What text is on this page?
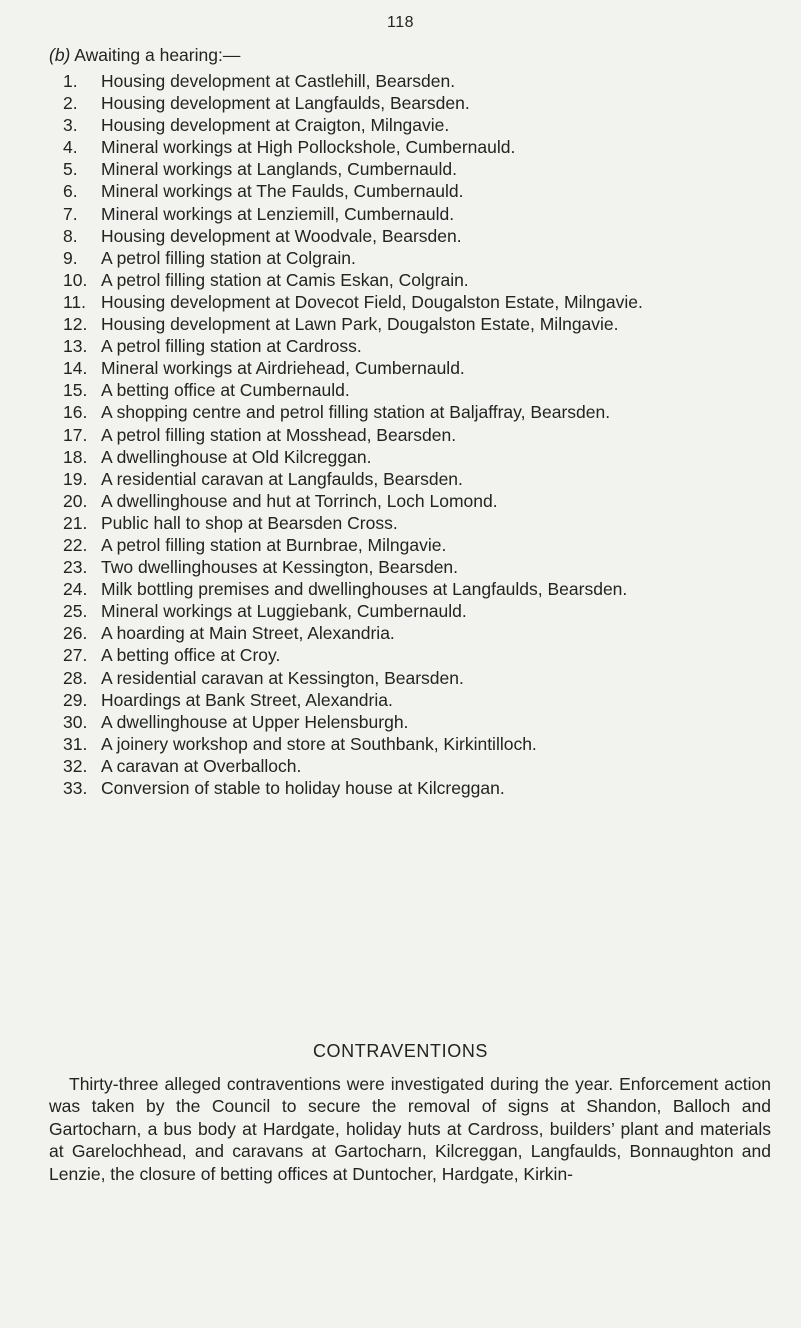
118
(b) Awaiting a hearing:—
1.	Housing development at Castlehill, Bearsden.
2.	Housing development at Langfaulds, Bearsden.
3.	Housing development at Craigton, Milngavie.
4.	Mineral workings at High Pollockshole, Cumbernauld.
5.	Mineral workings at Langlands, Cumbernauld.
6.	Mineral workings at The Faulds, Cumbernauld.
7.	Mineral workings at Lenziemill, Cumbernauld.
8.	Housing development at Woodvale, Bearsden.
9.	A petrol filling station at Colgrain.
10. A petrol filling station at Camis Eskan, Colgrain.
11. Housing development at Dovecot Field, Dougalston Estate, Milngavie.
12. Housing development at Lawn Park, Dougalston Estate, Milngavie.
13. A petrol filling station at Cardross.
14. Mineral workings at Airdriehead, Cumbernauld.
15. A betting office at Cumbernauld.
16. A shopping centre and petrol filling station at Baljaffray, Bearsden.
17. A petrol filling station at Mosshead, Bearsden.
18. A dwellinghouse at Old Kilcreggan.
19. A residential caravan at Langfaulds, Bearsden.
20. A dwellinghouse and hut at Torrinch, Loch Lomond.
21. Public hall to shop at Bearsden Cross.
22. A petrol filling station at Burnbrae, Milngavie.
23. Two dwellinghouses at Kessington, Bearsden.
24. Milk bottling premises and dwellinghouses at Langfaulds, Bearsden.
25. Mineral workings at Luggiebank, Cumbernauld.
26. A hoarding at Main Street, Alexandria.
27. A betting office at Croy.
28. A residential caravan at Kessington, Bearsden.
29. Hoardings at Bank Street, Alexandria.
30. A dwellinghouse at Upper Helensburgh.
31. A joinery workshop and store at Southbank, Kirkintilloch.
32. A caravan at Overballoch.
33. Conversion of stable to holiday house at Kilcreggan.
CONTRAVENTIONS

Thirty-three alleged contraventions were investigated during the year. Enforcement action was taken by the Council to secure the removal of signs at Shandon, Balloch and Gartocharn, a bus body at Hardgate, holiday huts at Cardross, builders’ plant and materials at Garelochhead, and caravans at Gartocharn, Kilcreggan, Langfaulds, Bonnaughton and Lenzie, the closure of betting offices at Duntocher, Hardgate, Kirkin-
